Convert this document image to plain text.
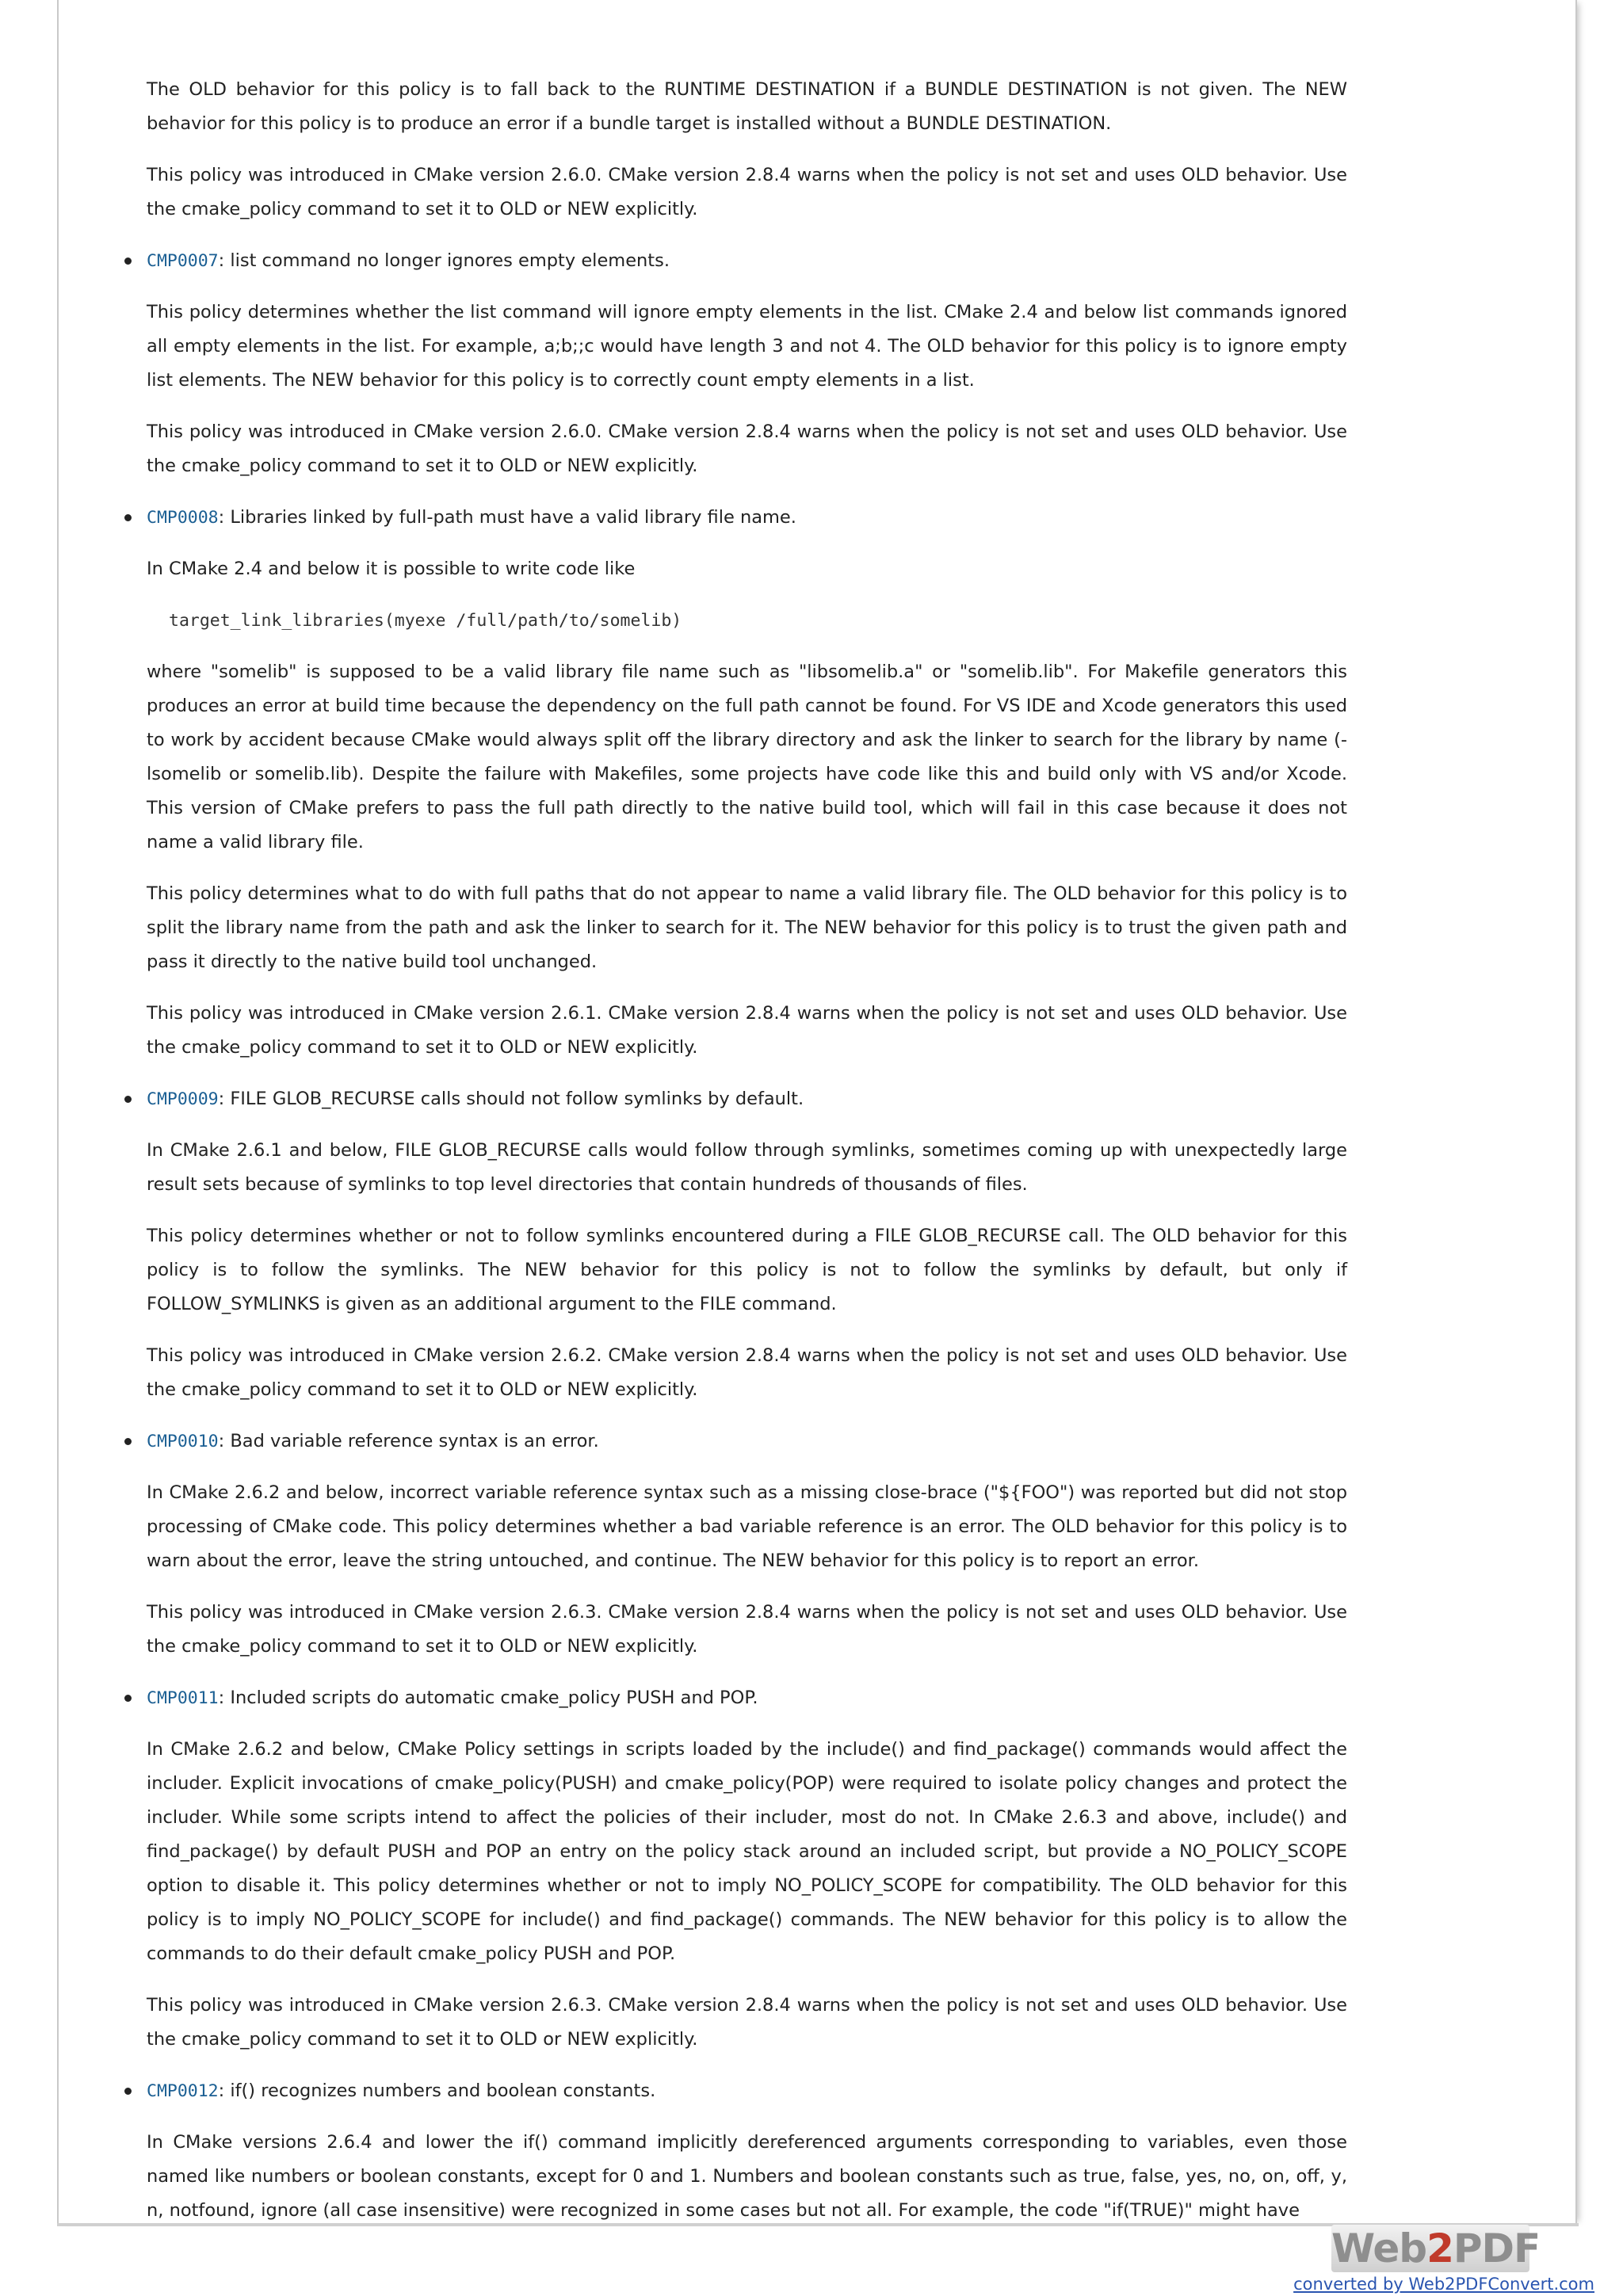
The OLD behavior for this policy is to fall back to the RUNTIME DESTINATION if a BUNDLE DESTINATION is not given. The NEW behavior for this policy is to produce an error if a bundle target is installed without a BUNDLE DESTINATION.

This policy was introduced in CMake version 2.6.0. CMake version 2.8.4 warns when the policy is not set and uses OLD behavior. Use the cmake_policy command to set it to OLD or NEW explicitly.

CMP0007: list command no longer ignores empty elements.

This policy determines whether the list command will ignore empty elements in the list. CMake 2.4 and below list commands ignored all empty elements in the list. For example, a;b;;c would have length 3 and not 4. The OLD behavior for this policy is to ignore empty list elements. The NEW behavior for this policy is to correctly count empty elements in a list.

This policy was introduced in CMake version 2.6.0. CMake version 2.8.4 warns when the policy is not set and uses OLD behavior. Use the cmake_policy command to set it to OLD or NEW explicitly.

CMP0008: Libraries linked by full-path must have a valid library file name.

In CMake 2.4 and below it is possible to write code like

target_link_libraries(myexe /full/path/to/somelib)

where "somelib" is supposed to be a valid library file name such as "libsomelib.a" or "somelib.lib". For Makefile generators this produces an error at build time because the dependency on the full path cannot be found. For VS IDE and Xcode generators this used to work by accident because CMake would always split off the library directory and ask the linker to search for the library by name (-lsomelib or somelib.lib). Despite the failure with Makefiles, some projects have code like this and build only with VS and/or Xcode. This version of CMake prefers to pass the full path directly to the native build tool, which will fail in this case because it does not name a valid library file.

This policy determines what to do with full paths that do not appear to name a valid library file. The OLD behavior for this policy is to split the library name from the path and ask the linker to search for it. The NEW behavior for this policy is to trust the given path and pass it directly to the native build tool unchanged.

This policy was introduced in CMake version 2.6.1. CMake version 2.8.4 warns when the policy is not set and uses OLD behavior. Use the cmake_policy command to set it to OLD or NEW explicitly.

CMP0009: FILE GLOB_RECURSE calls should not follow symlinks by default.

In CMake 2.6.1 and below, FILE GLOB_RECURSE calls would follow through symlinks, sometimes coming up with unexpectedly large result sets because of symlinks to top level directories that contain hundreds of thousands of files.

This policy determines whether or not to follow symlinks encountered during a FILE GLOB_RECURSE call. The OLD behavior for this policy is to follow the symlinks. The NEW behavior for this policy is not to follow the symlinks by default, but only if FOLLOW_SYMLINKS is given as an additional argument to the FILE command.

This policy was introduced in CMake version 2.6.2. CMake version 2.8.4 warns when the policy is not set and uses OLD behavior. Use the cmake_policy command to set it to OLD or NEW explicitly.

CMP0010: Bad variable reference syntax is an error.

In CMake 2.6.2 and below, incorrect variable reference syntax such as a missing close-brace ("${FOO") was reported but did not stop processing of CMake code. This policy determines whether a bad variable reference is an error. The OLD behavior for this policy is to warn about the error, leave the string untouched, and continue. The NEW behavior for this policy is to report an error.

This policy was introduced in CMake version 2.6.3. CMake version 2.8.4 warns when the policy is not set and uses OLD behavior. Use the cmake_policy command to set it to OLD or NEW explicitly.

CMP0011: Included scripts do automatic cmake_policy PUSH and POP.

In CMake 2.6.2 and below, CMake Policy settings in scripts loaded by the include() and find_package() commands would affect the includer. Explicit invocations of cmake_policy(PUSH) and cmake_policy(POP) were required to isolate policy changes and protect the includer. While some scripts intend to affect the policies of their includer, most do not. In CMake 2.6.3 and above, include() and find_package() by default PUSH and POP an entry on the policy stack around an included script, but provide a NO_POLICY_SCOPE option to disable it. This policy determines whether or not to imply NO_POLICY_SCOPE for compatibility. The OLD behavior for this policy is to imply NO_POLICY_SCOPE for include() and find_package() commands. The NEW behavior for this policy is to allow the commands to do their default cmake_policy PUSH and POP.

This policy was introduced in CMake version 2.6.3. CMake version 2.8.4 warns when the policy is not set and uses OLD behavior. Use the cmake_policy command to set it to OLD or NEW explicitly.

CMP0012: if() recognizes numbers and boolean constants.

In CMake versions 2.6.4 and lower the if() command implicitly dereferenced arguments corresponding to variables, even those named like numbers or boolean constants, except for 0 and 1. Numbers and boolean constants such as true, false, yes, no, on, off, y, n, notfound, ignore (all case insensitive) were recognized in some cases but not all. For example, the code "if(TRUE)" might have

Web2PDF
converted by Web2PDFConvert.com
